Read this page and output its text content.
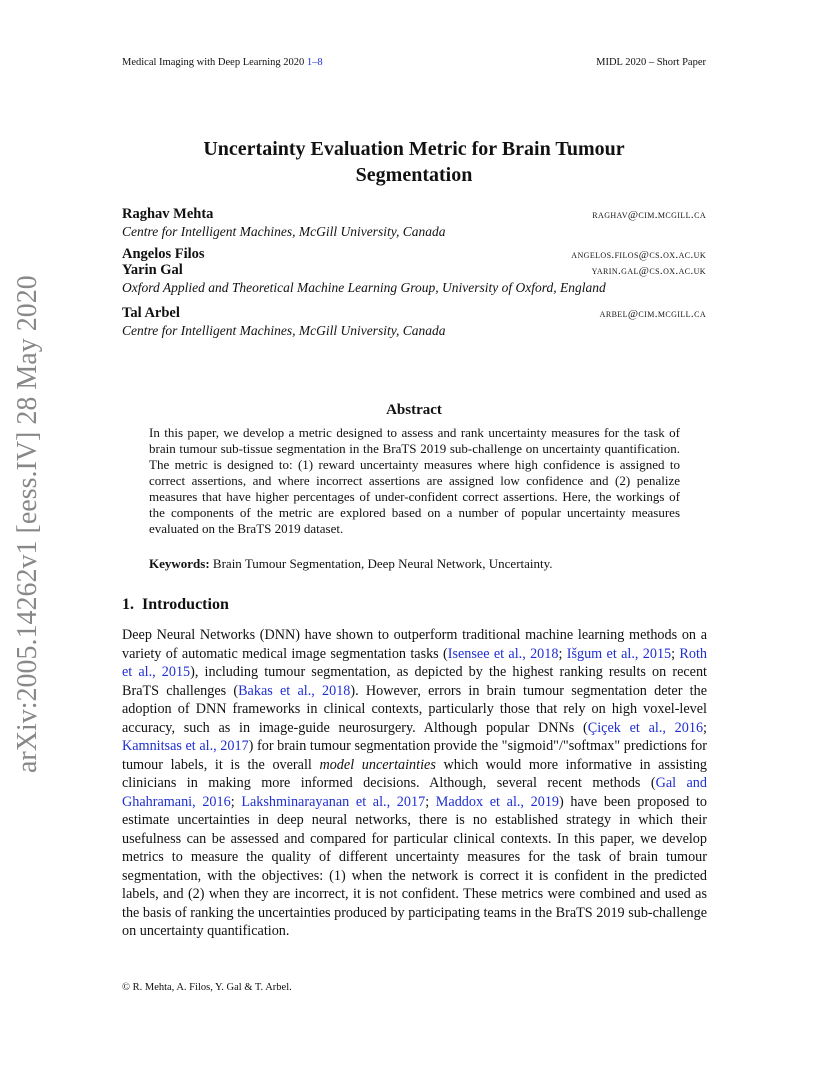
arXiv:2005.14262v1 [eess.IV] 28 May 2020
Medical Imaging with Deep Learning 2020 1–8	MIDL 2020 – Short Paper
Uncertainty Evaluation Metric for Brain Tumour
Segmentation
Raghav Mehta	raghav@cim.mcgill.ca
Centre for Intelligent Machines, McGill University, Canada
Angelos Filos	angelos.filos@cs.ox.ac.uk
Yarin Gal	yarin.gal@cs.ox.ac.uk
Oxford Applied and Theoretical Machine Learning Group, University of Oxford, England
Tal Arbel	arbel@cim.mcgill.ca
Centre for Intelligent Machines, McGill University, Canada
Abstract
In this paper, we develop a metric designed to assess and rank uncertainty measures for the task of brain tumour sub-tissue segmentation in the BraTS 2019 sub-challenge on uncertainty quantification. The metric is designed to: (1) reward uncertainty measures where high confidence is assigned to correct assertions, and where incorrect assertions are assigned low confidence and (2) penalize measures that have higher percentages of under-confident correct assertions. Here, the workings of the components of the metric are explored based on a number of popular uncertainty measures evaluated on the BraTS 2019 dataset.
Keywords: Brain Tumour Segmentation, Deep Neural Network, Uncertainty.
1. Introduction
Deep Neural Networks (DNN) have shown to outperform traditional machine learning methods on a variety of automatic medical image segmentation tasks (Isensee et al., 2018; Išgum et al., 2015; Roth et al., 2015), including tumour segmentation, as depicted by the highest ranking results on recent BraTS challenges (Bakas et al., 2018). However, errors in brain tumour segmentation deter the adoption of DNN frameworks in clinical contexts, particularly those that rely on high voxel-level accuracy, such as in image-guide neurosurgery. Although popular DNNs (Çiçek et al., 2016; Kamnitsas et al., 2017) for brain tumour segmentation provide the "sigmoid"/"softmax" predictions for tumour labels, it is the overall model uncertainties which would more informative in assisting clinicians in making more informed decisions. Although, several recent methods (Gal and Ghahramani, 2016; Lakshminarayanan et al., 2017; Maddox et al., 2019) have been proposed to estimate uncertainties in deep neural networks, there is no established strategy in which their usefulness can be assessed and compared for particular clinical contexts. In this paper, we develop metrics to measure the quality of different uncertainty measures for the task of brain tumour segmentation, with the objectives: (1) when the network is correct it is confident in the predicted labels, and (2) when they are incorrect, it is not confident. These metrics were combined and used as the basis of ranking the uncertainties produced by participating teams in the BraTS 2019 sub-challenge on uncertainty quantification.
© R. Mehta, A. Filos, Y. Gal & T. Arbel.
